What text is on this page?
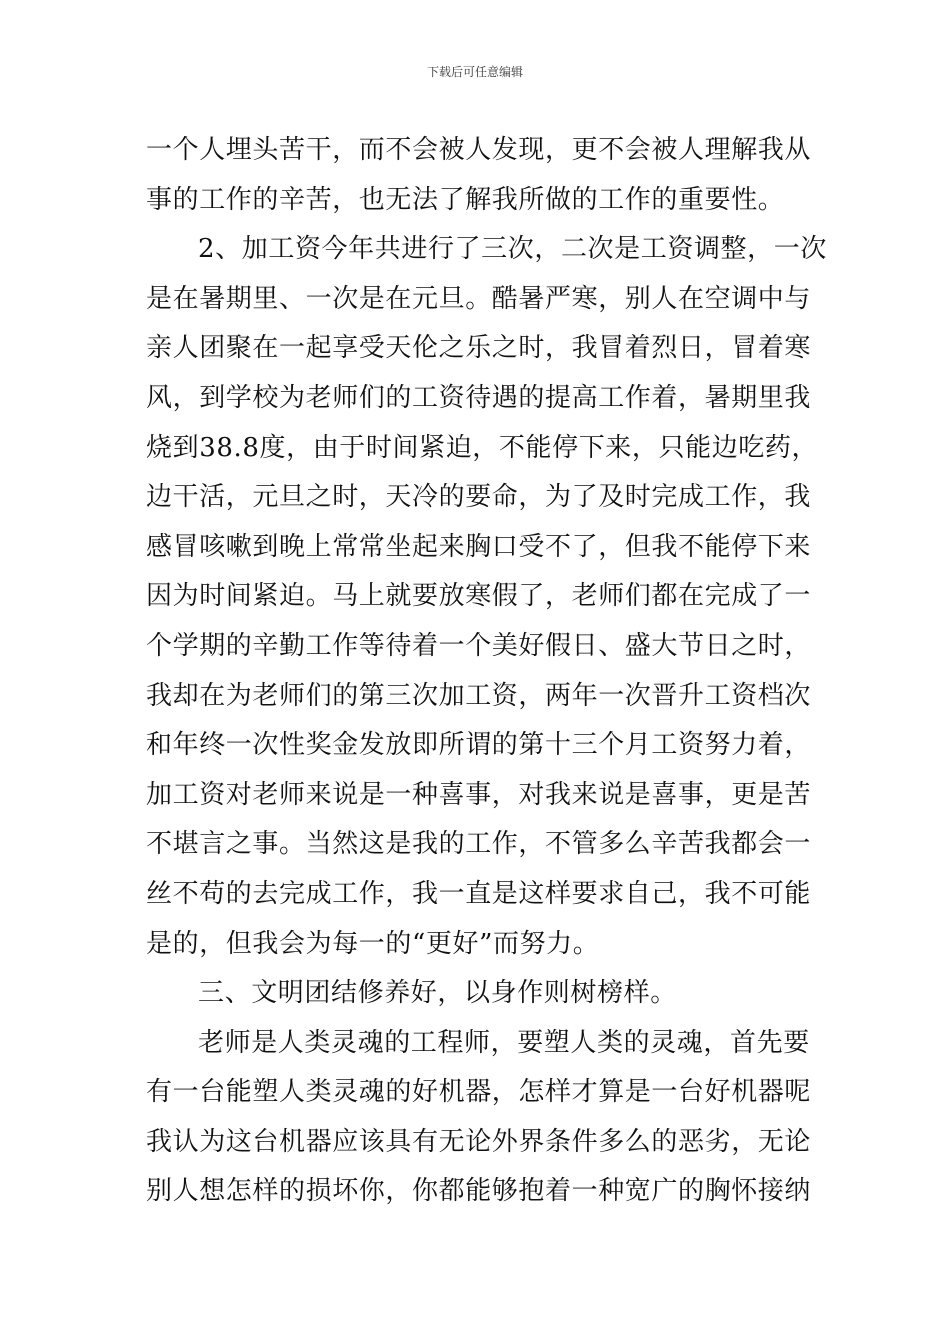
下载后可任意编辑
一个人埋头苦干，而不会被人发现，更不会被人理解我从
事的工作的辛苦，也无法了解我所做的工作的重要性。
2、加工资今年共进行了三次，二次是工资调整，一次
是在暑期里、一次是在元旦。酷暑严寒，别人在空调中与
亲人团聚在一起享受天伦之乐之时，我冒着烈日，冒着寒
风，到学校为老师们的工资待遇的提高工作着，暑期里我
烧到38.8度，由于时间紧迫，不能停下来，只能边吃药，
边干活，元旦之时，天冷的要命，为了及时完成工作，我
感冒咳嗽到晚上常常坐起来胸口受不了，但我不能停下来
因为时间紧迫。马上就要放寒假了，老师们都在完成了一
个学期的辛勤工作等待着一个美好假日、盛大节日之时，
我却在为老师们的第三次加工资，两年一次晋升工资档次
和年终一次性奖金发放即所谓的第十三个月工资努力着，
加工资对老师来说是一种喜事，对我来说是喜事，更是苦
不堪言之事。当然这是我的工作，不管多么辛苦我都会一
丝不苟的去完成工作，我一直是这样要求自己，我不可能
是的，但我会为每一的“更好”而努力。
三、文明团结修养好，以身作则树榜样。
老师是人类灵魂的工程师，要塑人类的灵魂，首先要
有一台能塑人类灵魂的好机器，怎样才算是一台好机器呢
我认为这台机器应该具有无论外界条件多么的恶劣，无论
别人想怎样的损坏你，你都能够抱着一种宽广的胸怀接纳
